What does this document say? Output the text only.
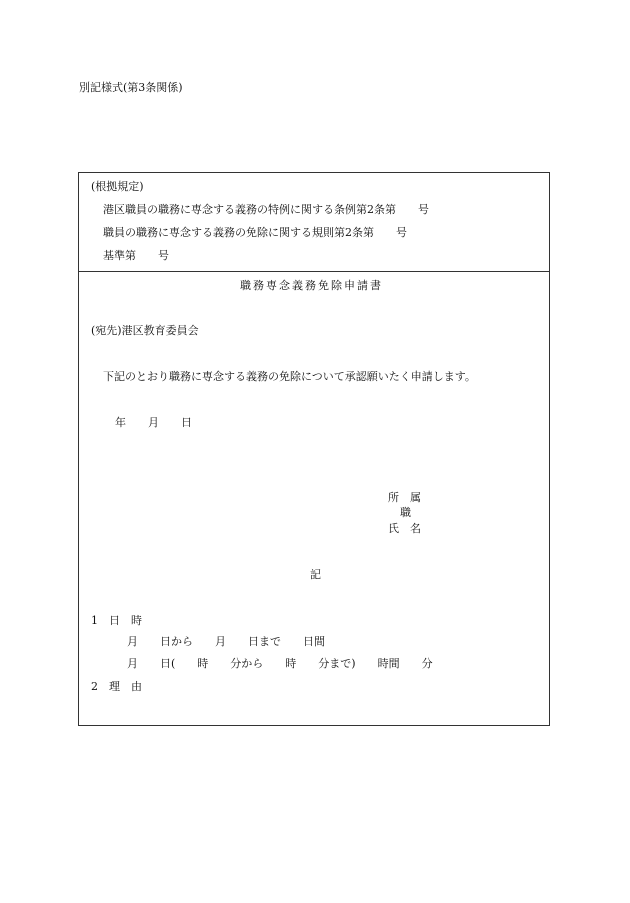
別記様式(第3条関係)
(根拠規定)
港区職員の職務に専念する義務の特例に関する条例第2条第　　号
職員の職務に専念する義務の免除に関する規則第2条第　　号
基準第　　号
職務専念義務免除申請書
(宛先)港区教育委員会
下記のとおり職務に専念する義務の免除について承認願いたく申請します。
年　　月　　日
所　属
職
氏　名
記
1　日　時
月　　日から　　月　　日まで　　日間
月　　日(　　時　　分から　　時　　分まで)　　時間　　分
2　理　由
